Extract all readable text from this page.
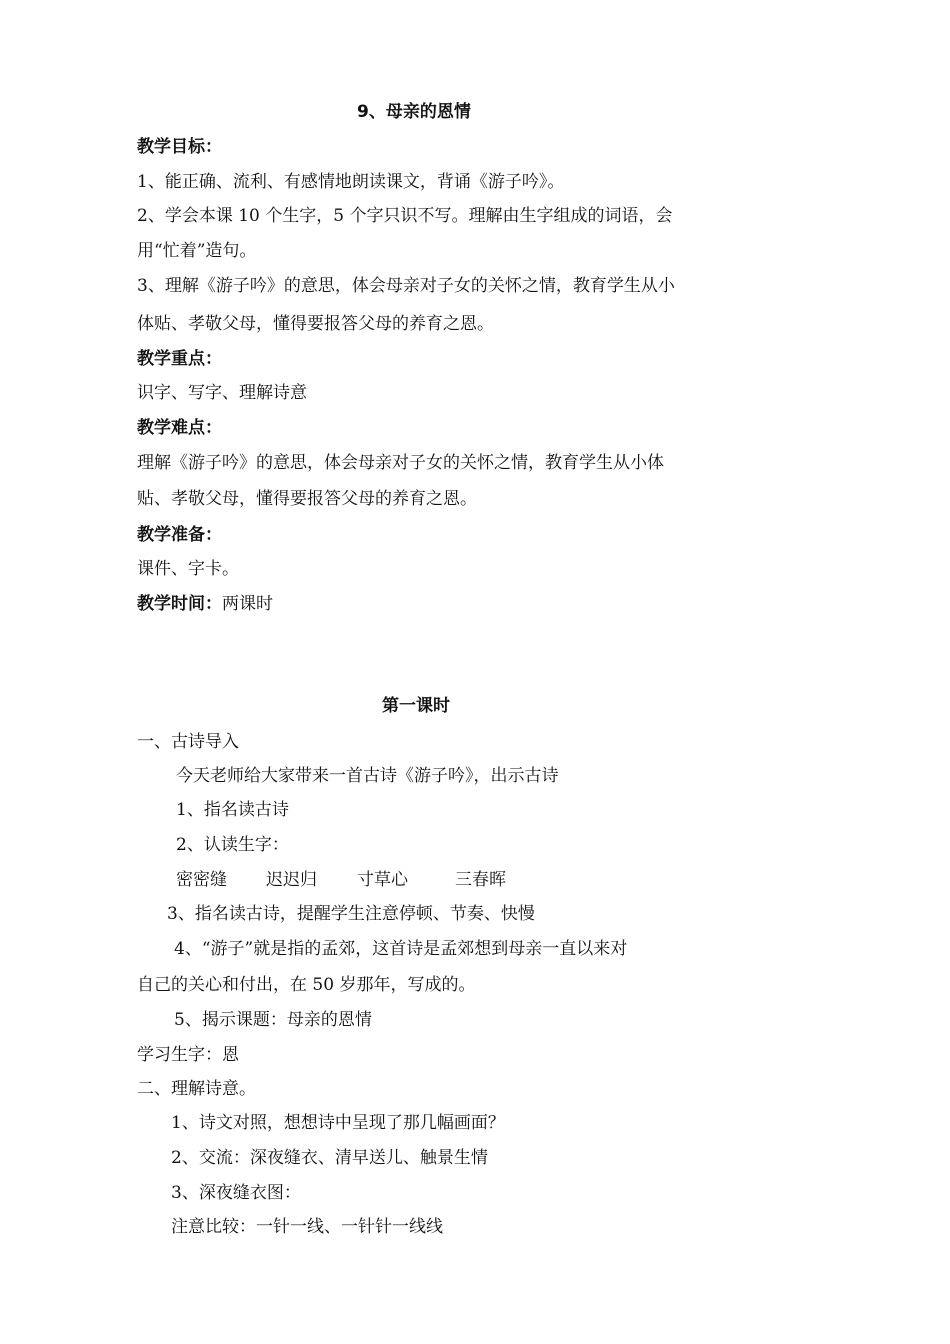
9、母亲的恩情
教学目标：
1、能正确、流利、有感情地朗读课文，背诵《游子吟》。
2、学会本课 10 个生字，5 个字只识不写。理解由生字组成的词语，会
用“忙着”造句。
3、理解《游子吟》的意思，体会母亲对子女的关怀之情，教育学生从小
体贴、孝敬父母，懂得要报答父母的养育之恩。
教学重点：
识字、写字、理解诗意
教学难点：
理解《游子吟》的意思，体会母亲对子女的关怀之情，教育学生从小体
贴、孝敬父母，懂得要报答父母的养育之恩。
教学准备：
课件、字卡。
教学时间：两课时
第一课时
一、古诗导入
今天老师给大家带来一首古诗《游子吟》，出示古诗
1、指名读古诗
2、认读生字：
密密缝 迟迟归 寸草心	三春晖
3、指名读古诗，提醒学生注意停顿、节奏、快慢
4、“游子”就是指的孟郊，这首诗是孟郊想到母亲一直以来对
自己的关心和付出，在 50 岁那年，写成的。
5、揭示课题：母亲的恩情
学习生字：恩
二、理解诗意。
1、诗文对照，想想诗中呈现了那几幅画面？
2、交流：深夜缝衣、清早送儿、触景生情
3、深夜缝衣图：
注意比较：一针一线、一针针一线线
